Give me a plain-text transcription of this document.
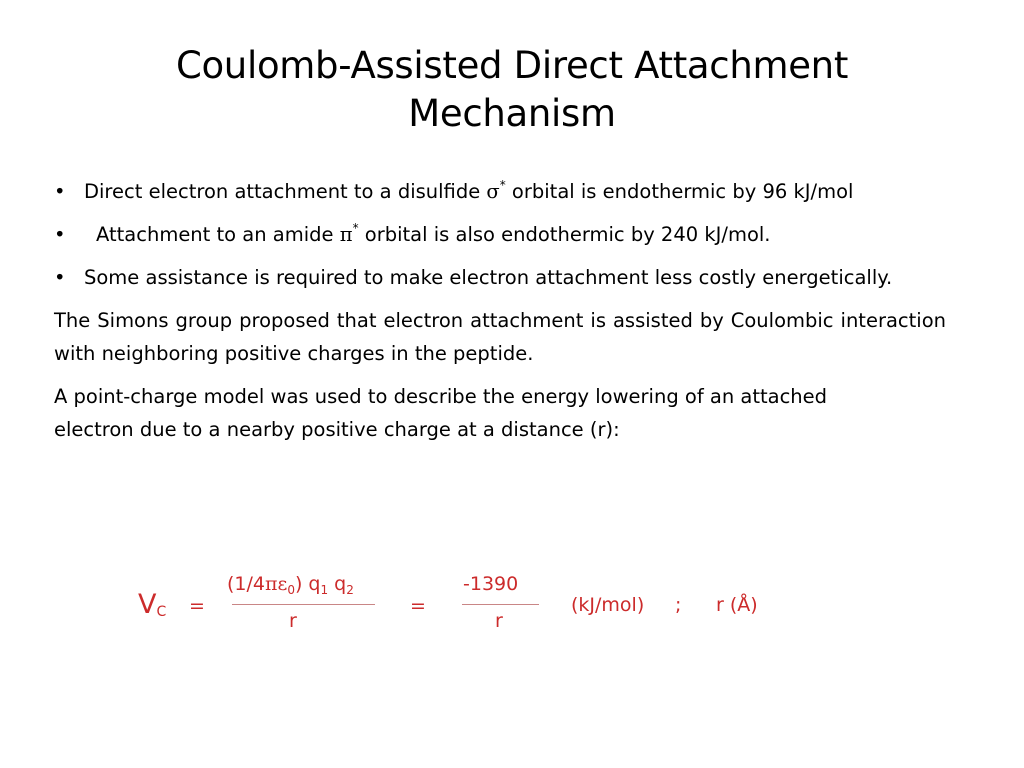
Coulomb-Assisted Direct Attachment
Mechanism
• Direct electron attachment to a disulfide σ* orbital is endothermic by 96 kJ/mol
• Attachment to an amide π* orbital is also endothermic by 240 kJ/mol.
• Some assistance is required to make electron attachment less costly energetically.
The Simons group proposed that electron attachment is assisted by Coulombic interaction with neighboring positive charges in the peptide.
A point-charge model was used to describe the energy lowering of an attached electron due to a nearby positive charge at a distance (r):
$V_C$ =
$(1/4\pi\varepsilon_0)$ $q_1$ $q_2$
r
=
-1390
r
(kJ/mol) ; r (Å)
